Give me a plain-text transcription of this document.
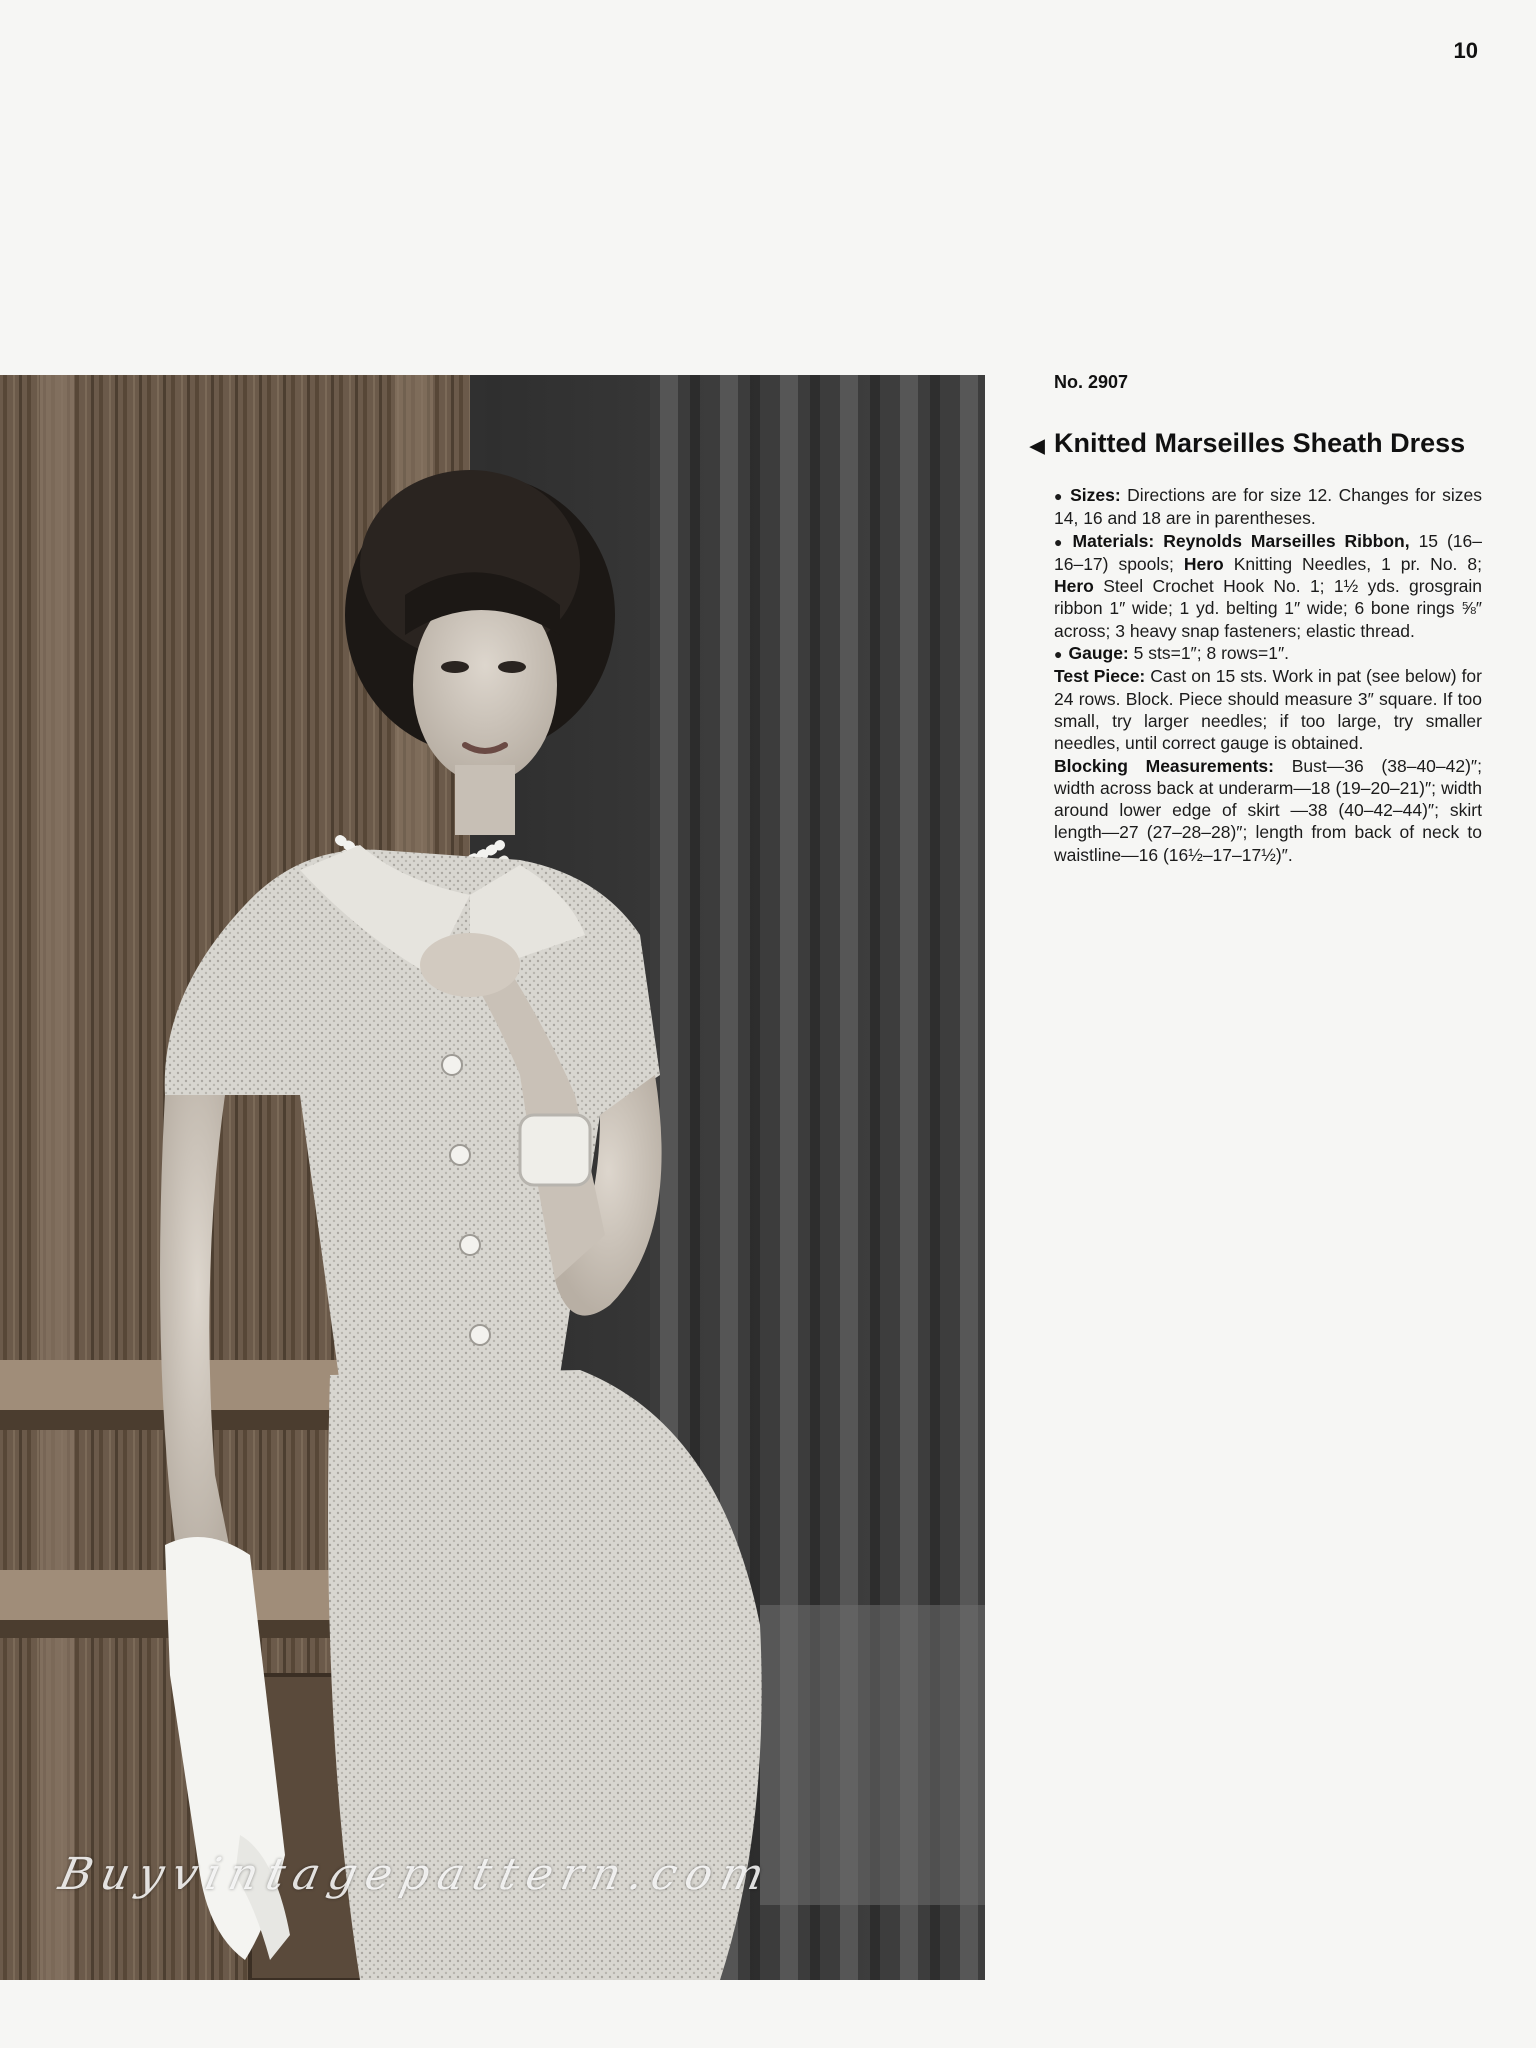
10
Buyvintagepattern.com
No. 2907
◀ Knitted Marseilles Sheath Dress

● Sizes: Directions are for size 12. Changes for sizes 14, 16 and 18 are in parentheses.

● Materials: Reynolds Marseilles Ribbon, 15 (16–16–17) spools; Hero Knitting Needles, 1 pr. No. 8; Hero Steel Crochet Hook No. 1; 1½ yds. grosgrain ribbon 1″ wide; 1 yd. belting 1″ wide; 6 bone rings ⅝″ across; 3 heavy snap fasteners; elastic thread.

● Gauge: 5 sts=1″; 8 rows=1″.

Test Piece: Cast on 15 sts. Work in pat (see below) for 24 rows. Block. Piece should measure 3″ square. If too small, try larger needles; if too large, try smaller needles, until correct gauge is obtained.

Blocking Measurements: Bust—36 (38–40–42)″; width across back at underarm—18 (19–20–21)″; width around lower edge of skirt —38 (40–42–44)″; skirt length—27 (27–28–28)″; length from back of neck to waistline—16 (16½–17–17½)″.
